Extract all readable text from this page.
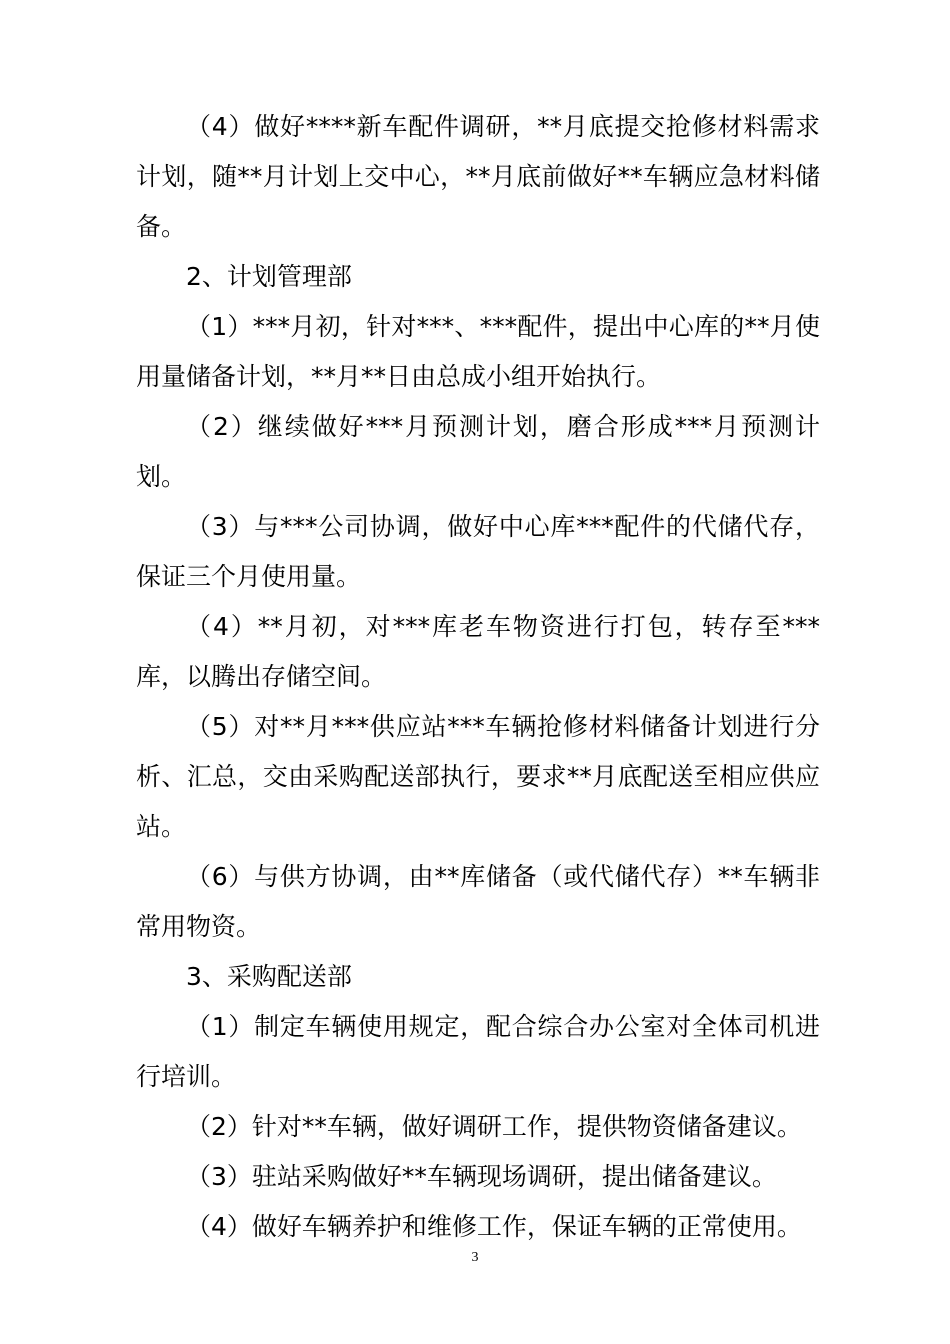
（4）做好****新车配件调研，**月底提交抢修材料需求计划，随**月计划上交中心，**月底前做好**车辆应急材料储备。

2、计划管理部

（1）***月初，针对***、***配件，提出中心库的**月使用量储备计划，**月**日由总成小组开始执行。

（2）继续做好***月预测计划，磨合形成***月预测计划。

（3）与***公司协调，做好中心库***配件的代储代存，保证三个月使用量。

（4）**月初，对***库老车物资进行打包，转存至***库，以腾出存储空间。

（5）对**月***供应站***车辆抢修材料储备计划进行分析、汇总，交由采购配送部执行，要求**月底配送至相应供应站。

（6）与供方协调，由**库储备（或代储代存）**车辆非常用物资。

3、采购配送部

（1）制定车辆使用规定，配合综合办公室对全体司机进行培训。

（2）针对**车辆，做好调研工作，提供物资储备建议。

（3）驻站采购做好**车辆现场调研，提出储备建议。

（4）做好车辆养护和维修工作，保证车辆的正常使用。

3
